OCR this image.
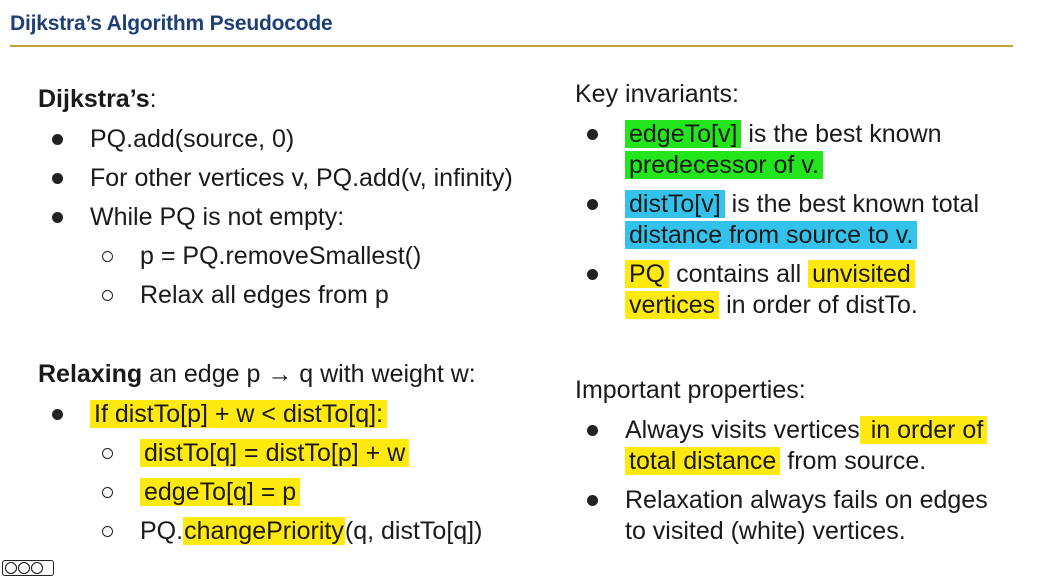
Dijkstra’s Algorithm Pseudocode
Dijkstra’s:
PQ.add(source, 0)
For other vertices v, PQ.add(v, infinity)
While PQ is not empty:
p = PQ.removeSmallest()
Relax all edges from p
Relaxing an edge p → q with weight w:
If distTo[p] + w < distTo[q]:
distTo[q] = distTo[p] + w
edgeTo[q] = p
PQ.changePriority(q, distTo[q])
Key invariants:
edgeTo[v] is the best known
predecessor of v.
distTo[v] is the best known total
distance from source to v.
PQ contains all unvisited
vertices in order of distTo.
Important properties:
Always visits vertices in order of
total distance from source.
Relaxation always fails on edges
to visited (white) vertices.
